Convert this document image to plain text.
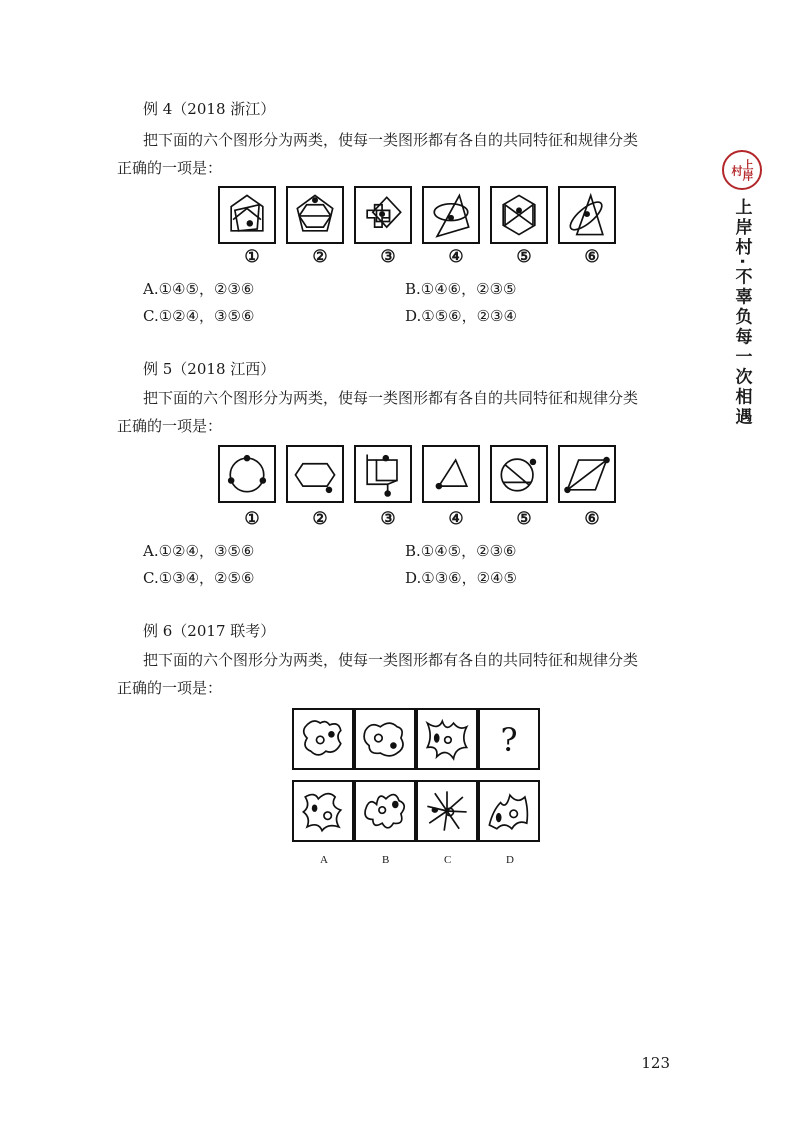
上岸
村
上岸村·不辜负每一次相遇
例 4（2018 浙江）
把下面的六个图形分为两类，使每一类图形都有各自的共同特征和规律分类
正确的一项是：
①	②	③	④	⑤	⑥
A.①④⑤，②③⑥	B.①④⑥，②③⑤
C.①②④，③⑤⑥	D.①⑤⑥，②③④
例 5（2018 江西）
把下面的六个图形分为两类，使每一类图形都有各自的共同特征和规律分类
正确的一项是：
①	②	③	④	⑤	⑥
A.①②④，③⑤⑥	B.①④⑤，②③⑥
C.①③④，②⑤⑥	D.①③⑥，②④⑤
例 6（2017 联考）
把下面的六个图形分为两类，使每一类图形都有各自的共同特征和规律分类
正确的一项是：
?
A	B	C	D
123
